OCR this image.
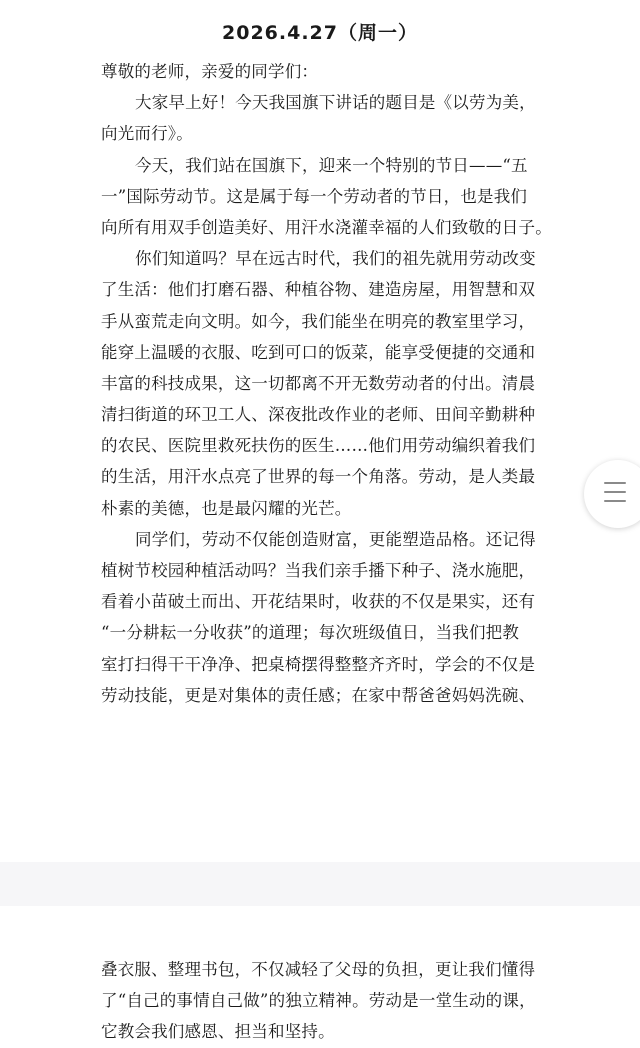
2026.4.27（周一）
尊敬的老师，亲爱的同学们：
大家早上好！今天我国旗下讲话的题目是《以劳为美，
向光而行》。
今天，我们站在国旗下，迎来一个特别的节日——“五
一”国际劳动节。这是属于每一个劳动者的节日，也是我们
向所有用双手创造美好、用汗水浇灌幸福的人们致敬的日子。
你们知道吗？早在远古时代，我们的祖先就用劳动改变
了生活：他们打磨石器、种植谷物、建造房屋，用智慧和双
手从蛮荒走向文明。如今，我们能坐在明亮的教室里学习，
能穿上温暖的衣服、吃到可口的饭菜，能享受便捷的交通和
丰富的科技成果，这一切都离不开无数劳动者的付出。清晨
清扫街道的环卫工人、深夜批改作业的老师、田间辛勤耕种
的农民、医院里救死扶伤的医生……他们用劳动编织着我们
的生活，用汗水点亮了世界的每一个角落。劳动，是人类最
朴素的美德，也是最闪耀的光芒。
同学们，劳动不仅能创造财富，更能塑造品格。还记得
植树节校园种植活动吗？当我们亲手播下种子、浇水施肥，
看着小苗破土而出、开花结果时，收获的不仅是果实，还有
“一分耕耘一分收获”的道理；每次班级值日，当我们把教
室打扫得干干净净、把桌椅摆得整整齐齐时，学会的不仅是
劳动技能，更是对集体的责任感；在家中帮爸爸妈妈洗碗、
叠衣服、整理书包，不仅减轻了父母的负担，更让我们懂得
了“自己的事情自己做”的独立精神。劳动是一堂生动的课，
它教会我们感恩、担当和坚持。
